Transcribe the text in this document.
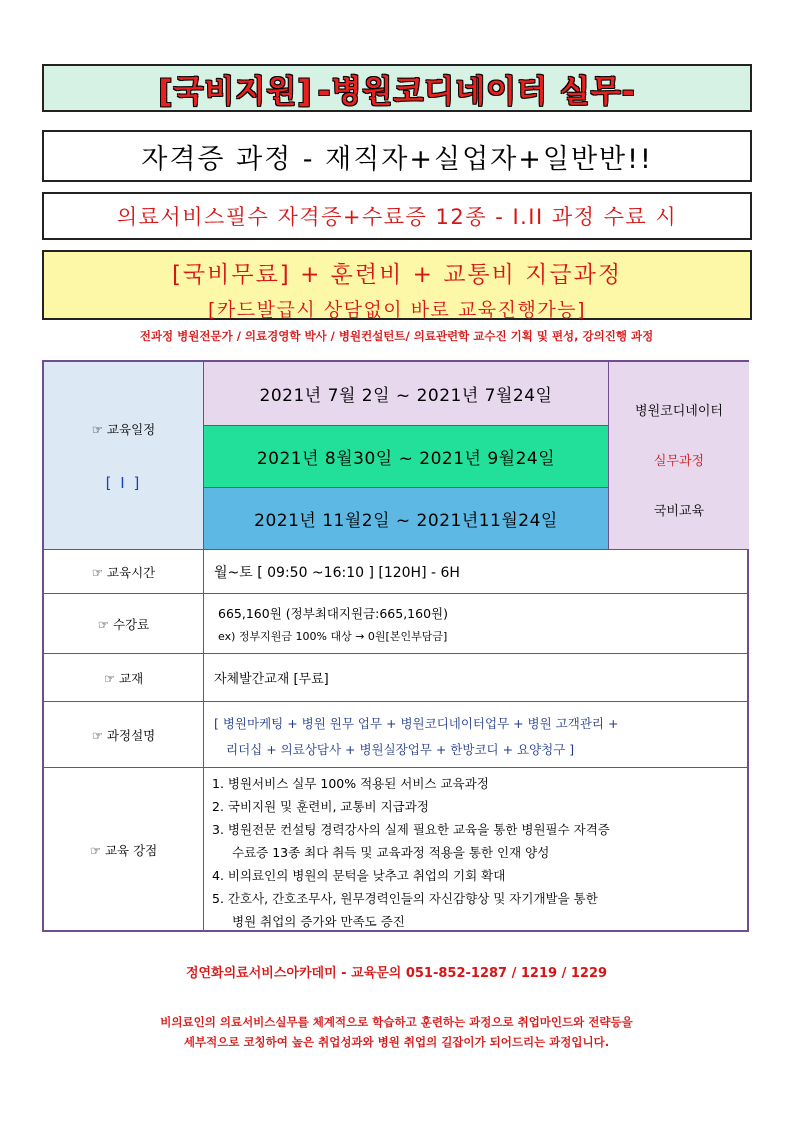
[국비지원]
-병원코디네이터 실무-
자격증 과정 - 재직자+실업자+일반반!!
의료서비스필수 자격증+수료증 12종 - I.II 과정 수료 시
[국비무료] + 훈련비 + 교통비 지급과정
[카드발급시 상담없이 바로 교육진행가능]
전과정 병원전문가 / 의료경영학 박사 / 병원컨설턴트/ 의료관련학 교수진 기획 및 편성, 강의진행 과정
☞ 교육일정
[ I ]
2021년 7월 2일 ~ 2021년 7월24일
2021년 8월30일 ~ 2021년 9월24일
2021년 11월2일 ~ 2021년11월24일
병원코디네이터
실무과정
국비교육
☞ 교육시간	월~토 [ 09:50 ~16:10 ] [120H] - 6H
☞ 수강료
665,160원 (정부최대지원금:665,160원)
ex) 정부지원금 100% 대상 → 0원[본인부담금]
☞ 교재	자체발간교재 [무료]
☞ 과정설명
[ 병원마케팅 + 병원 원무 업무 + 병원코디네이터업무 + 병원 고객관리 +
리더십 + 의료상담사 + 병원실장업무 + 한방코디 + 요양청구 ]
☞ 교육 강점
1. 병원서비스 실무 100% 적용된 서비스 교육과정
2. 국비지원 및 훈련비, 교통비 지급과정
3. 병원전문 컨설팅 경력강사의 실제 필요한 교육을 통한 병원필수 자격증
수료증 13종 최다 취득 및 교육과정 적용을 통한 인재 양성
4. 비의료인의 병원의 문턱을 낮추고 취업의 기회 확대
5. 간호사, 간호조무사, 원무경력인들의 자신감향상 및 자기개발을 통한
병원 취업의 증가와 만족도 증진
정연화의료서비스아카데미 - 교육문의 051-852-1287 / 1219 / 1229
비의료인의 의료서비스실무를 체계적으로 학습하고 훈련하는 과정으로 취업마인드와 전략등을
세부적으로 코칭하여 높은 취업성과와 병원 취업의 길잡이가 되어드리는 과정입니다.
